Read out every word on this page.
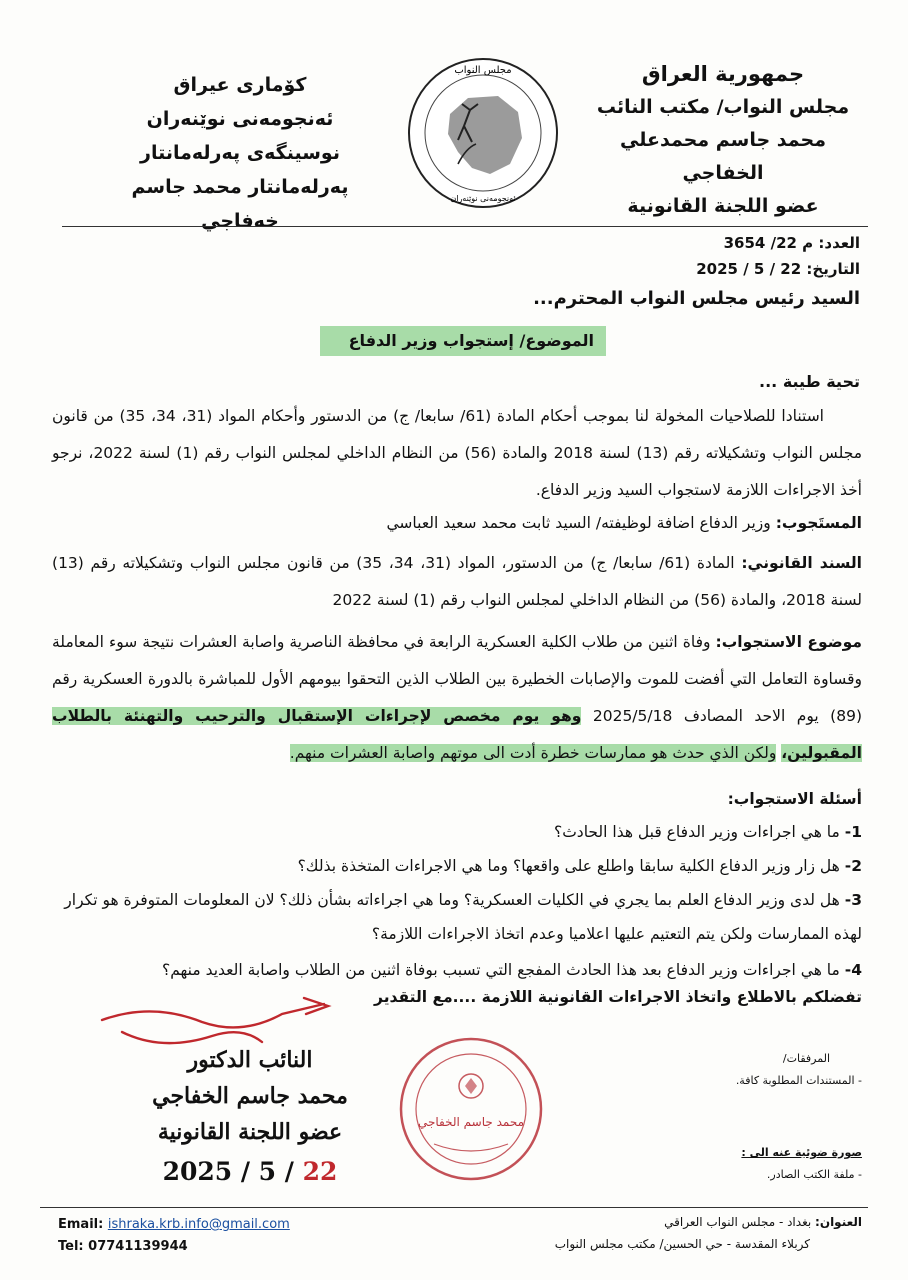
جمهورية العراق
مجلس النواب/ مكتب النائب
محمد جاسم محمدعلي الخفاجي
عضو اللجنة القانونية
كۆماری عیراق
ئەنجومەنی نوێنەران
نوسینگەی پەرلەمانتار
پەرلەمانتار محمد جاسم خەفاجي
مجلس النواب
ئەنجومەنی نوێنەران
العدد: م 22/ 3654
التاريخ: 22 / 5 / 2025
السيد رئيس مجلس النواب المحترم...
الموضوع/ إستجواب وزير الدفاع
تحية طيبة ...
استنادا للصلاحيات المخولة لنا بموجب أحكام المادة (61/ سابعا/ ج) من الدستور وأحكام المواد (31، 34، 35) من قانون مجلس النواب وتشكيلاته رقم (13) لسنة 2018 والمادة (56) من النظام الداخلي لمجلس النواب رقم (1) لسنة 2022، نرجو أخذ الاجراءات اللازمة لاستجواب السيد وزير الدفاع.
المستَجوب: وزير الدفاع اضافة لوظيفته/ السيد ثابت محمد سعيد العباسي
السند القانوني: المادة (61/ سابعا/ ج) من الدستور، المواد (31، 34، 35) من قانون مجلس النواب وتشكيلاته رقم (13) لسنة 2018، والمادة (56) من النظام الداخلي لمجلس النواب رقم (1) لسنة 2022
موضوع الاستجواب: وفاة اثنين من طلاب الكلية العسكرية الرابعة في محافظة الناصرية واصابة العشرات نتيجة سوء المعاملة وقساوة التعامل التي أفضت للموت والإصابات الخطيرة بين الطلاب الذين التحقوا بيومهم الأول للمباشرة بالدورة العسكرية رقم (89) يوم الاحد المصادف 2025/5/18 وهو يوم مخصص لإجراءات الإستقبال والترحيب والتهنئة بالطلاب المقبولين، ولكن الذي حدث هو ممارسات خطرة أدت الى موتهم واصابة العشرات منهم.
أسئلة الاستجواب:
1- ما هي اجراءات وزير الدفاع قبل هذا الحادث؟
2- هل زار وزير الدفاع الكلية سابقا واطلع على واقعها؟ وما هي الاجراءات المتخذة بذلك؟
3- هل لدى وزير الدفاع العلم بما يجري في الكليات العسكرية؟ وما هي اجراءاته بشأن ذلك؟ لان المعلومات المتوفرة هو تكرار لهذه الممارسات ولكن يتم التعتيم عليها اعلاميا وعدم اتخاذ الاجراءات اللازمة؟
4- ما هي اجراءات وزير الدفاع بعد هذا الحادث المفجع التي تسبب بوفاة اثنين من الطلاب واصابة العديد منهم؟
تفضلكم بالاطلاع واتخاذ الاجراءات القانونية اللازمة ....مع التقدير
النائب الدكتور
محمد جاسم الخفاجي
عضو اللجنة القانونية
2025 / 5 / 22
محمد جاسم الخفاجي
المرفقات/
- المستندات المطلوبة كافة.
صورة ضوئية عنه الى :
- ملفة الكتب الصادر.
العنوان: بغداد - مجلس النواب العراقي
كربلاء المقدسة - حي الحسين/ مكتب مجلس النواب
Email: ishraka.krb.info@gmail.com
Tel: 07741139944
